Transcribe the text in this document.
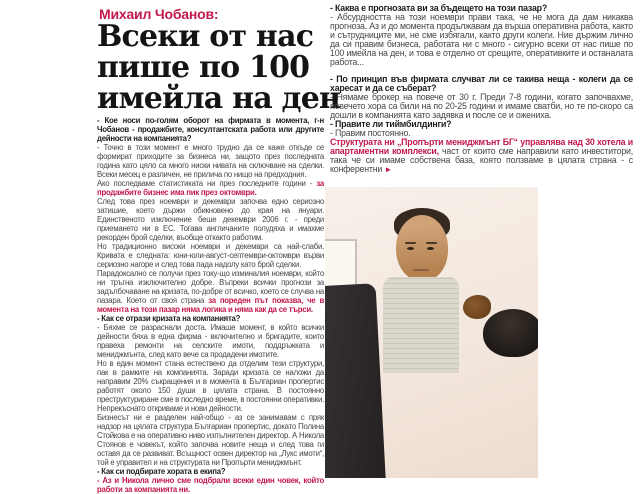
Михаил Чобанов:
Всеки от нас
пише по 100
имейла на ден

- Кое носи по-голям оборот на фирмата в момента, г-н Чобанов - продажбите, консултантската работа или другите дейности на компанията?

- Точно в този момент е много трудно да се каже откъде се формират приходите за бизнеса ни, защото през последната година като цяло са много ниски нивата на сключване на сделки. Всеки месец е различен, не прилича по нищо на предходния.

Ако последваме статистиката ни през последните години - за продажбите бизнес има пик през октомври.

След това през ноември и декември започва едно сериозно затишие, което държи обикновено до края на януари. Единственото изключение беше декември 2006 г. - преди приемането ни в ЕС. Тогава англичаните полудяха и имахме рекорден брой сделки, въобще откакто работим.

Но традиционно високи ноември и декември са най-слаби. Кривата е следната: юни-юли-август-септември-октомври върви сериозно нагоре и след това пада надолу като брой сделки.

Парадоксално се получи през току-що изминалия ноември, който ни тръгна изключително добре. Въпреки всички прогнози за задълбочаване на кризата, по-добре от всичко, което се случва на пазара. Което от своя страна за пореден път показва, че в момента на този пазар няма логика и няма как да се търси.

- Как се отрази кризата на компанията?

- Бяхме се разраснали доста. Имаше момент, в който всички дейности бяха в една фирма - включително и бригадите, които правеха ремонти на селските имоти, поддръжката и мениджмънта, след като вече са продадени имотите.

Но в един момент стана естествено да отделим тези структури, пак в рамките на компанията. Заради кризата се наложи да направим 20% съкращения и в момента в Българиан пропертис работят около 150 души в цялата страна. В постоянно преструктуриране сме в последно време, в постоянни оперативки. Непрекъснато откриваме и нови дейности.

Бизнесът ни е разделен най-общо - аз се занимавам с пряк надзор на цялата структура Българиан пропертис, докато Полина Стойкова е на оперативно ниво изпълнителен директор. А Никола Стоянов е човекът, който започва новите неща и след това ги оставя да се развиват. Всъщност освен директор на „Лукс имоти“, той е управител и на структурата ни Пропърти мениджмънт.

- Как си подбирате хората в екипа?

- Аз и Никола лично сме подбрали всеки един човек, който работи за компанията ни.

- Каква е прогнозата ви за бъдещето на този пазар?

- Абсурдността на този ноември прави така, че не мога да дам никаква прогноза. Аз и до момента продължавам да върша оперативна работа, както и сътрудниците ми, не сме избягали, както други колеги. Ние държим лично да си правим бизнеса, работата ни с много - сигурно всеки от нас пише по 100 имейла на ден, и това е отделно от срещите, оперативките и останалата работа...

- По принцип във фирмата случват ли се такива неща - колеги да се харесат и да се съберат?

- Нямаме брокер на повече от 30 г. Преди 7-8 години, когато започвахме, повечето хора са били на по 20-25 години и имаме сватби, но те по-скоро са дошли в компанията като задявка и после се и ожениха.

- Правите ли тиймбилдинги?

- Правим постоянно.

Структурата ни „Пропърти мениджмънт БГ“ управлява над 30 хотела и апартаментни комплекси, част от които сме направили като инвеститори, така че си имаме собствена база, която ползваме в цялата страна - с конферентни ►
